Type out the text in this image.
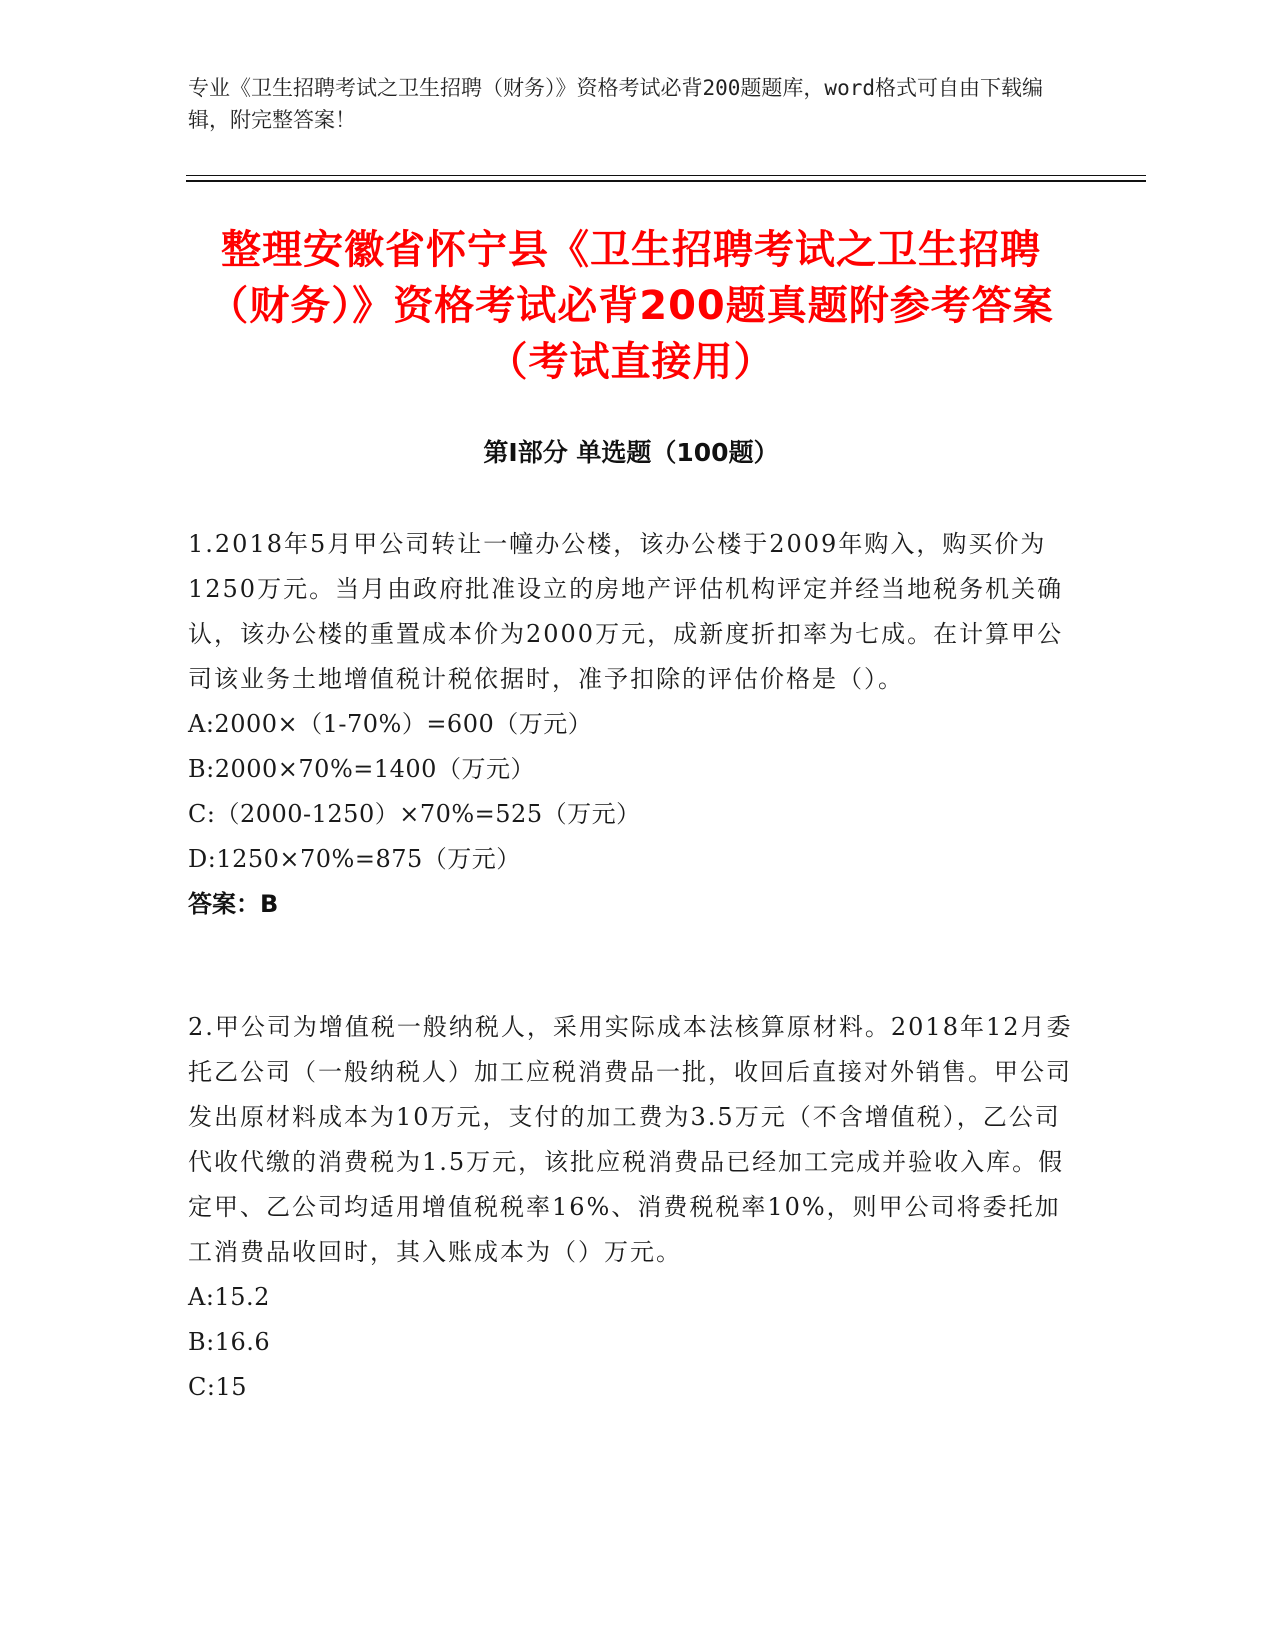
专业《卫生招聘考试之卫生招聘（财务）》资格考试必背200题题库，word格式可自由下载编辑，附完整答案！
整理安徽省怀宁县《卫生招聘考试之卫生招聘（财务）》资格考试必背200题真题附参考答案（考试直接用）
第I部分 单选题（100题）

1.2018年5月甲公司转让一幢办公楼，该办公楼于2009年购入，购买价为1250万元。当月由政府批准设立的房地产评估机构评定并经当地税务机关确认，该办公楼的重置成本价为2000万元，成新度折扣率为七成。在计算甲公司该业务土地增值税计税依据时，准予扣除的评估价格是（）。

A:2000×（1-70%）=600（万元）

B:2000×70%=1400（万元）

C:（2000-1250）×70%=525（万元）

D:1250×70%=875（万元）

答案：B

2.甲公司为增值税一般纳税人，采用实际成本法核算原材料。2018年12月委托乙公司（一般纳税人）加工应税消费品一批，收回后直接对外销售。甲公司发出原材料成本为10万元，支付的加工费为3.5万元（不含增值税），乙公司代收代缴的消费税为1.5万元，该批应税消费品已经加工完成并验收入库。假定甲、乙公司均适用增值税税率16%、消费税税率10%，则甲公司将委托加工消费品收回时，其入账成本为（）万元。

A:15.2

B:16.6

C:15
